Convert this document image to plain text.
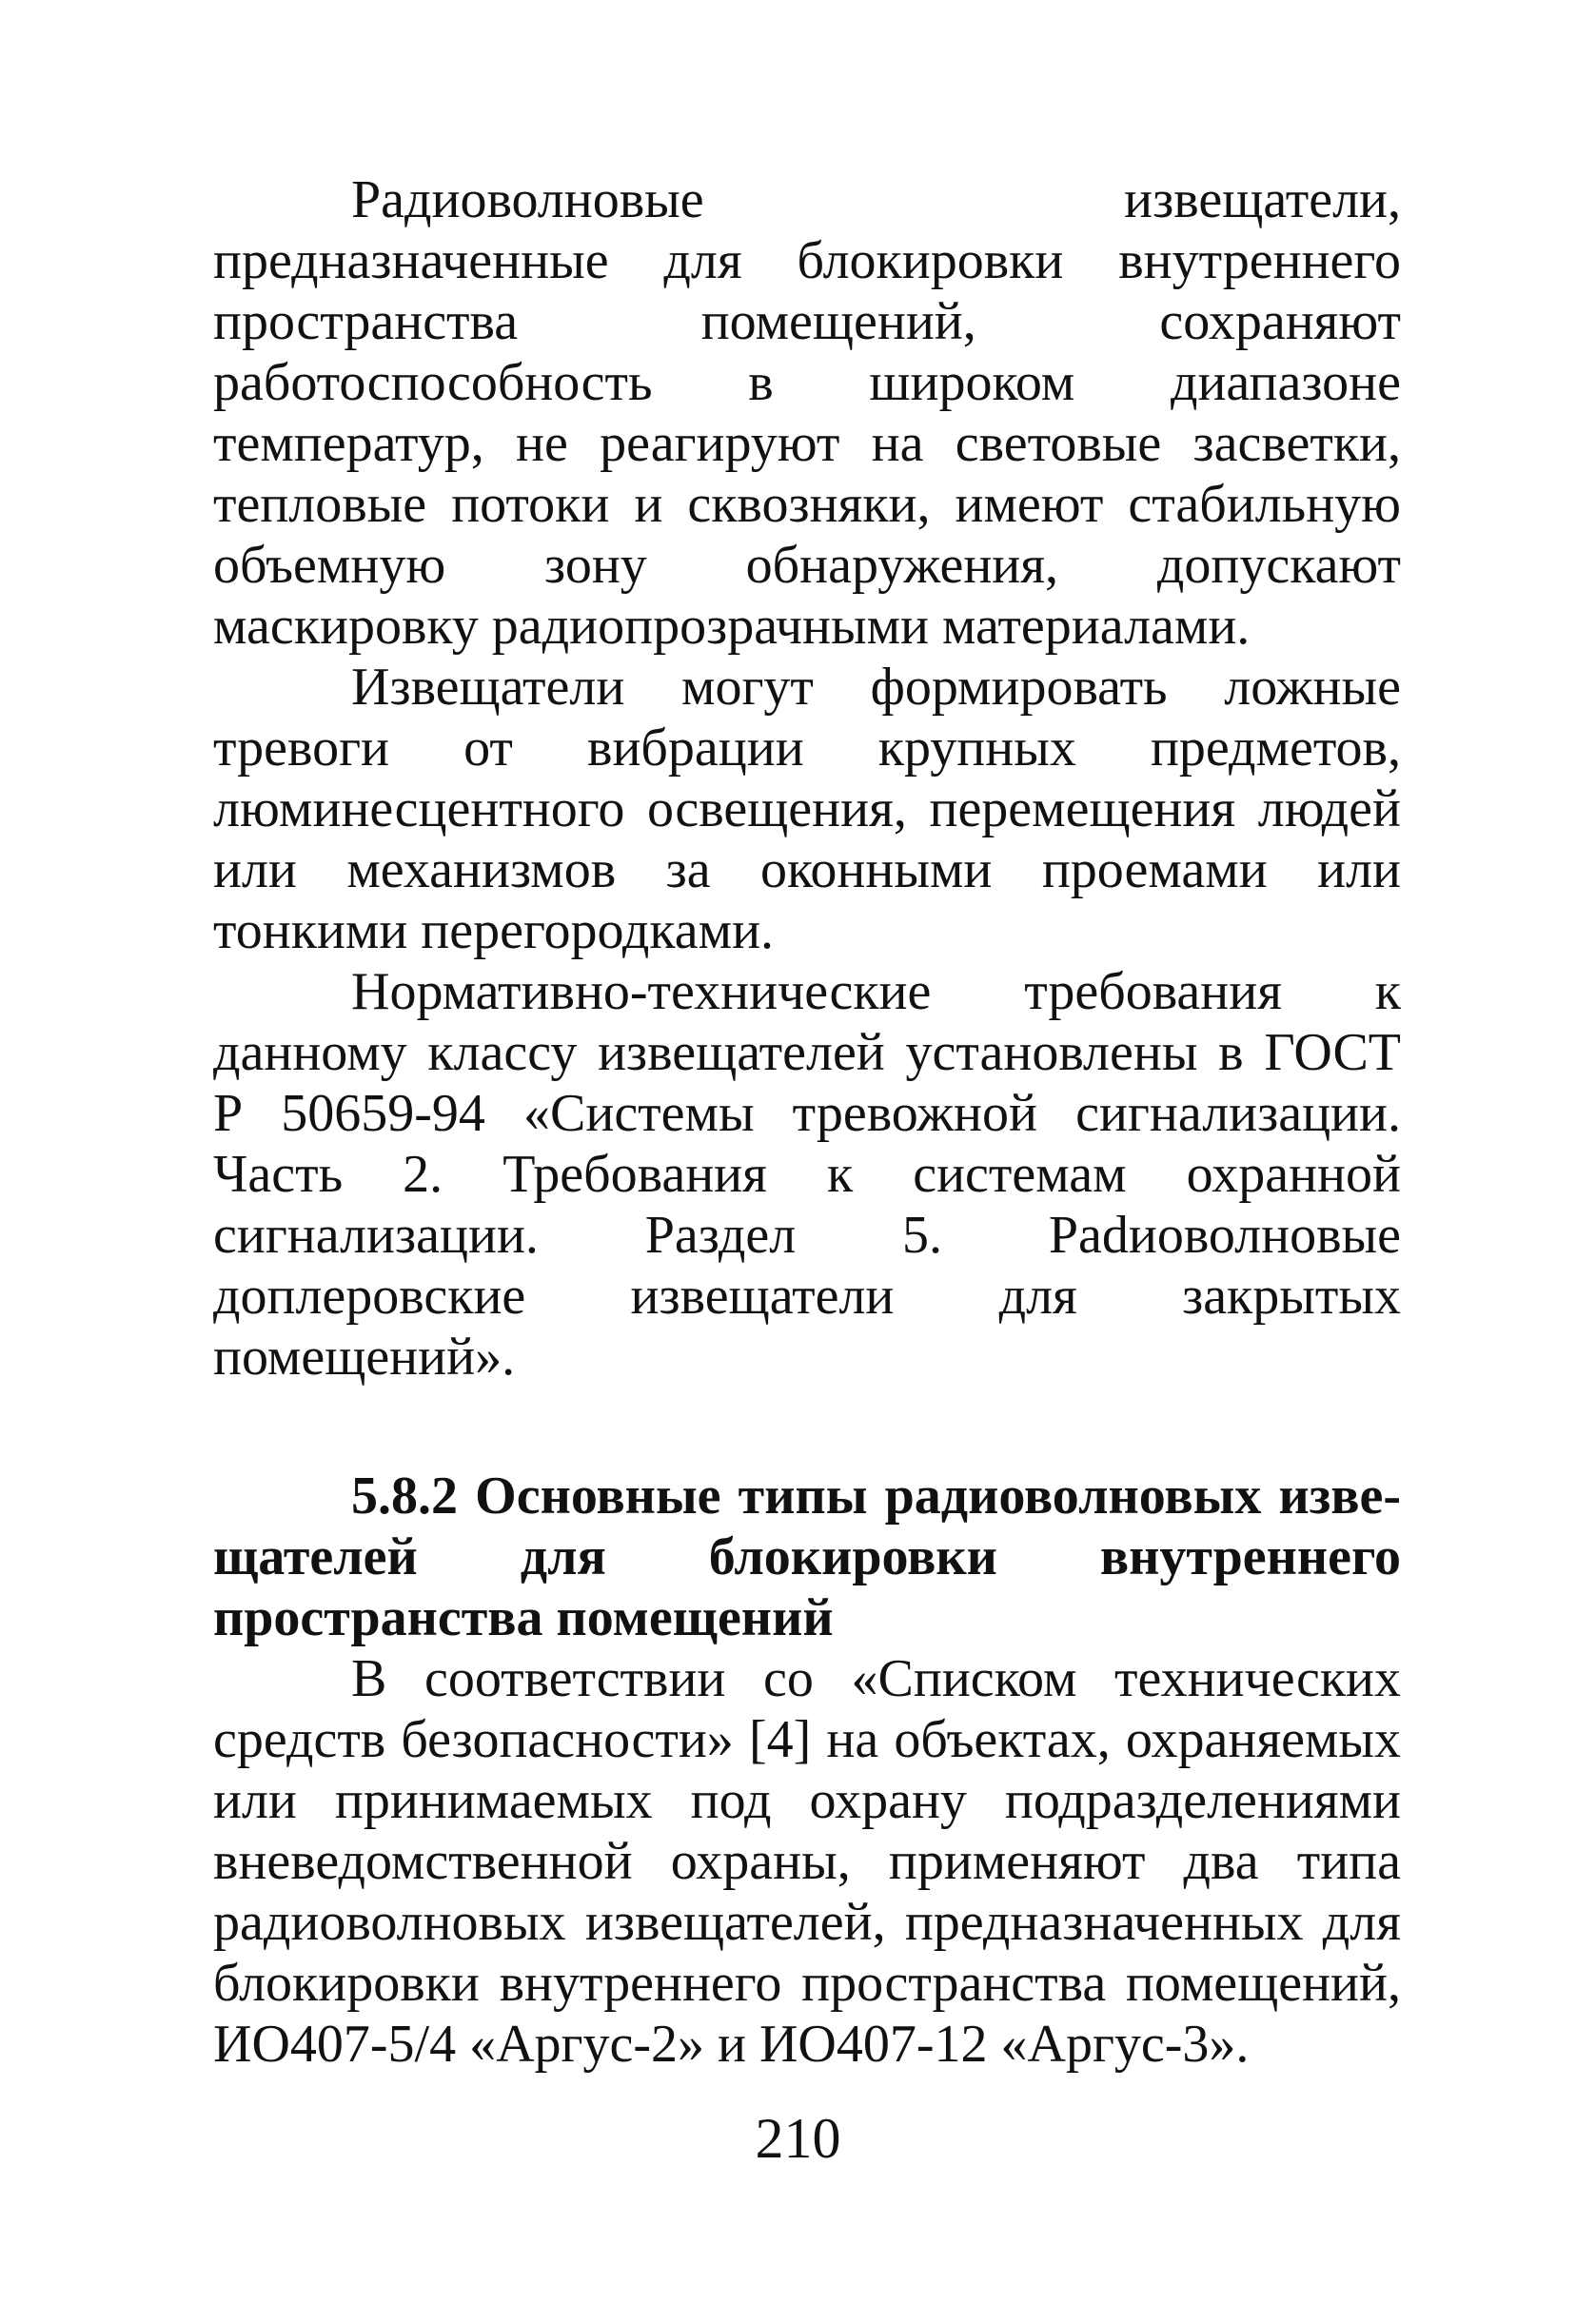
Радиоволновые извещатели, предназначенные для блокировки внутреннего пространства помещений, сохраняют работоспособность в широком диапазоне температур, не реагируют на световые засветки, тепловые потоки и сквозняки, имеют стабильную объемную зону обнаружения, допускают маскировку радиопрозрачными материалами.

Извещатели могут формировать ложные тревоги от вибрации крупных предметов, люминесцентного освещения, перемещения людей или механизмов за оконными проемами или тонкими перегородками.

Нормативно-технические требования к данному классу извещателей установлены в ГОСТ Р 50659-94 «Системы тревожной сигнализации. Часть 2. Требования к системам охранной сигнализации. Раздел 5. Раdиоволновые доплеровские извещатели для закрытых помещений».

5.8.2 Основные типы радиоволновых извещателей для блокировки внутреннего пространства помещений

В соответствии со «Списком технических средств безопасности» [4] на объектах, охраняемых или принимаемых под охрану подразделениями вневедомственной охраны, применяют два типа радиоволновых извещателей, предназначенных для блокировки внутреннего пространства помещений, ИО407-5/4 «Аргус-2» и ИО407-12 «Аргус-3».

210
